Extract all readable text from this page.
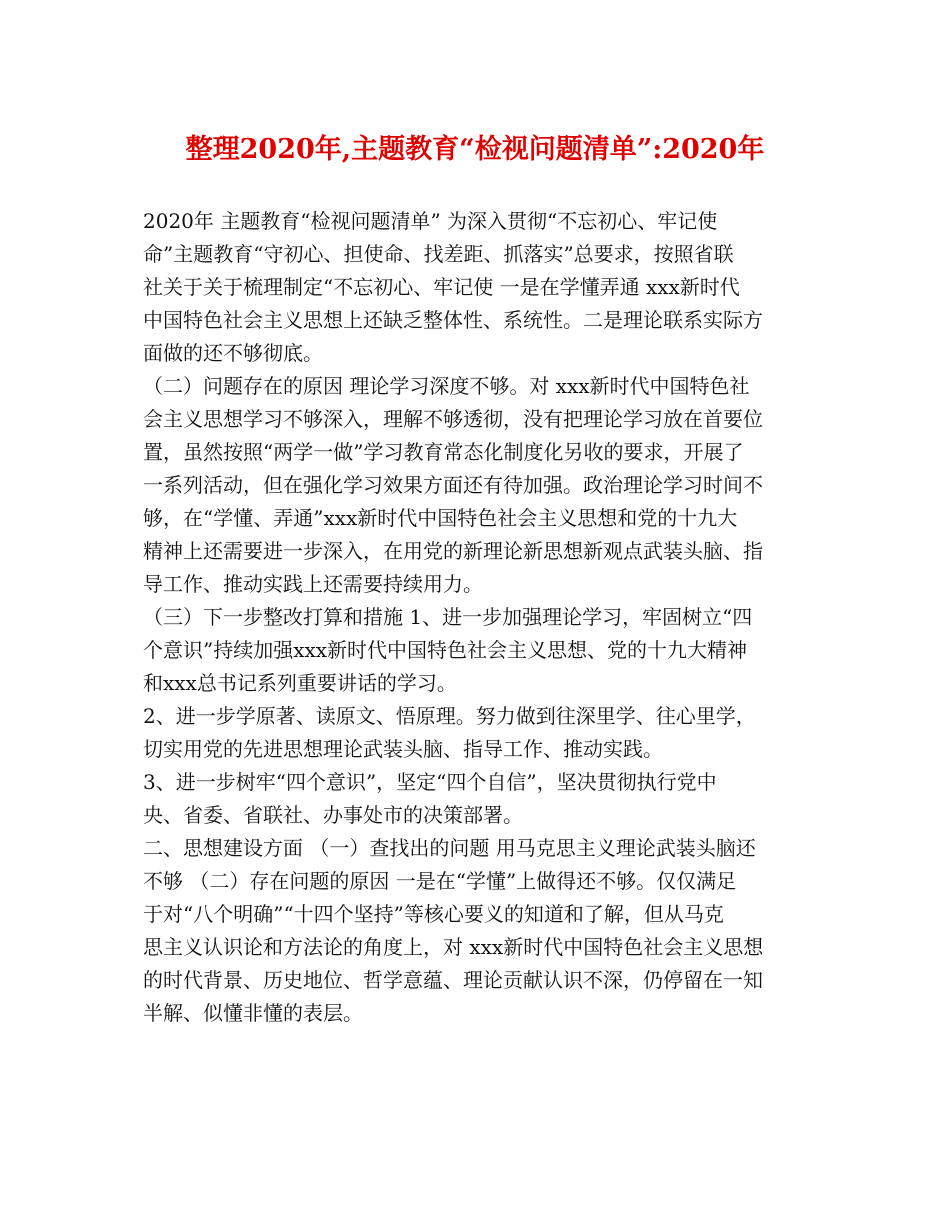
整理2020年,主题教育“检视问题清单”:2020年
2020年 主题教育“检视问题清单” 为深入贯彻“不忘初心、牢记使
命”主题教育“守初心、担使命、找差距、抓落实”总要求，按照省联
社关于关于梳理制定“不忘初心、牢记使 一是在学懂弄通 xxx新时代
中国特色社会主义思想上还缺乏整体性、系统性。二是理论联系实际方
面做的还不够彻底。
（二）问题存在的原因 理论学习深度不够。对 xxx新时代中国特色社
会主义思想学习不够深入，理解不够透彻，没有把理论学习放在首要位
置，虽然按照“两学一做”学习教育常态化制度化另收的要求，开展了
一系列活动，但在强化学习效果方面还有待加强。政治理论学习时间不
够，在“学懂、弄通”xxx新时代中国特色社会主义思想和党的十九大
精神上还需要进一步深入，在用党的新理论新思想新观点武装头脑、指
导工作、推动实践上还需要持续用力。
（三）下一步整改打算和措施 1、进一步加强理论学习，牢固树立“四
个意识”持续加强xxx新时代中国特色社会主义思想、党的十九大精神
和xxx总书记系列重要讲话的学习。
2、进一步学原著、读原文、悟原理。努力做到往深里学、往心里学，
切实用党的先进思想理论武装头脑、指导工作、推动实践。
3、进一步树牢“四个意识”，坚定“四个自信”，坚决贯彻执行党中
央、省委、省联社、办事处市的决策部署。
二、思想建设方面 （一）查找出的问题 用马克思主义理论武装头脑还
不够 （二）存在问题的原因 一是在“学懂”上做得还不够。仅仅满足
于对“八个明确”“十四个坚持”等核心要义的知道和了解，但从马克
思主义认识论和方法论的角度上，对 xxx新时代中国特色社会主义思想
的时代背景、历史地位、哲学意蕴、理论贡献认识不深，仍停留在一知
半解、似懂非懂的表层。
